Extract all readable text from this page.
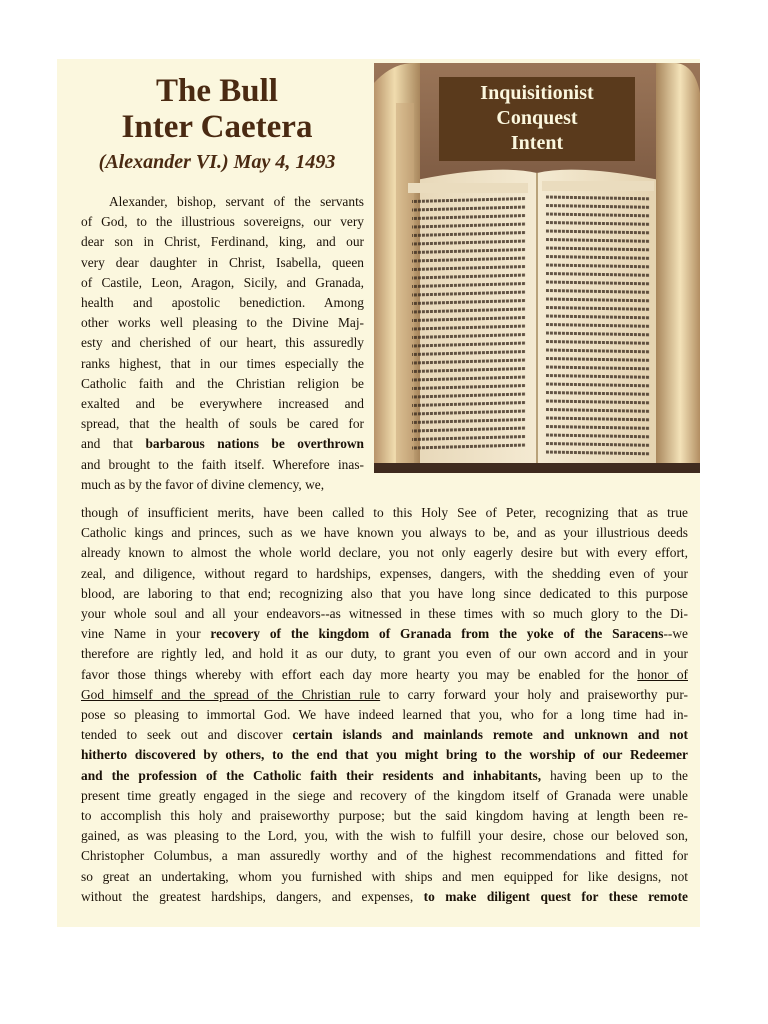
The Bull
Inter Caetera

(Alexander VI.) May 4, 1493

Inquisitionist
Conquest
Intent
Alexander, bishop, servant of the servants
of God, to the illustrious sovereigns, our very
dear son in Christ, Ferdinand, king, and our
very dear daughter in Christ, Isabella, queen
of Castile, Leon, Aragon, Sicily, and Granada,
health and apostolic benediction. Among
other works well pleasing to the Divine Maj-
esty and cherished of our heart, this assuredly
ranks highest, that in our times especially the
Catholic faith and the Christian religion be
exalted and be everywhere increased and
spread, that the health of souls be cared for
and that barbarous nations be overthrown
and brought to the faith itself. Wherefore inas-
much as by the favor of divine clemency, we,
though of insufficient merits, have been called to this Holy See of Peter, recognizing that as true
Catholic kings and princes, such as we have known you always to be, and as your illustrious deeds
already known to almost the whole world declare, you not only eagerly desire but with every effort,
zeal, and diligence, without regard to hardships, expenses, dangers, with the shedding even of your
blood, are laboring to that end; recognizing also that you have long since dedicated to this purpose
your whole soul and all your endeavors--as witnessed in these times with so much glory to the Di-
vine Name in your recovery of the kingdom of Granada from the yoke of the Saracens--we
therefore are rightly led, and hold it as our duty, to grant you even of our own accord and in your
favor those things whereby with effort each day more hearty you may be enabled for the honor of
God himself and the spread of the Christian rule to carry forward your holy and praiseworthy pur-
pose so pleasing to immortal God. We have indeed learned that you, who for a long time had in-
tended to seek out and discover certain islands and mainlands remote and unknown and not
hitherto discovered by others, to the end that you might bring to the worship of our Redeemer
and the profession of the Catholic faith their residents and inhabitants, having been up to the
present time greatly engaged in the siege and recovery of the kingdom itself of Granada were unable
to accomplish this holy and praiseworthy purpose; but the said kingdom having at length been re-
gained, as was pleasing to the Lord, you, with the wish to fulfill your desire, chose our beloved son,
Christopher Columbus, a man assuredly worthy and of the highest recommendations and fitted for
so great an undertaking, whom you furnished with ships and men equipped for like designs, not
without the greatest hardships, dangers, and expenses, to make diligent quest for these remote
